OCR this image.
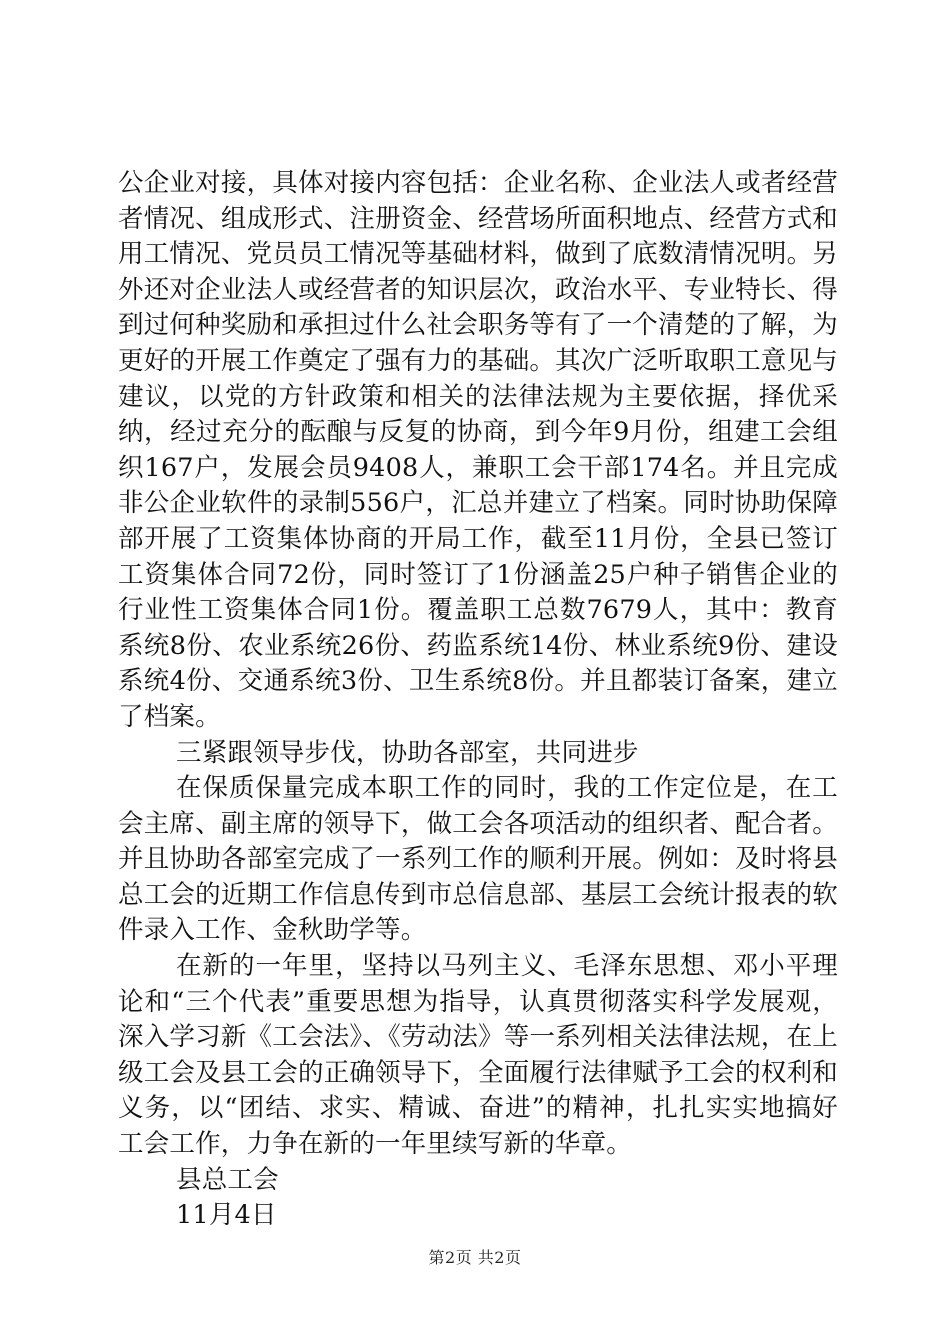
公企业对接，具体对接内容包括：企业名称、企业法人或者经营者情况、组成形式、注册资金、经营场所面积地点、经营方式和用工情况、党员员工情况等基础材料，做到了底数清情况明。另外还对企业法人或经营者的知识层次，政治水平、专业特长、得到过何种奖励和承担过什么社会职务等有了一个清楚的了解，为更好的开展工作奠定了强有力的基础。其次广泛听取职工意见与建议，以党的方针政策和相关的法律法规为主要依据，择优采纳，经过充分的酝酿与反复的协商，到今年9月份，组建工会组织167户，发展会员9408人，兼职工会干部174名。并且完成非公企业软件的录制556户，汇总并建立了档案。同时协助保障部开展了工资集体协商的开局工作，截至11月份，全县已签订工资集体合同72份，同时签订了1份涵盖25户种子销售企业的行业性工资集体合同1份。覆盖职工总数7679人，其中：教育系统8份、农业系统26份、药监系统14份、林业系统9份、建设系统4份、交通系统3份、卫生系统8份。并且都装订备案，建立了档案。

三紧跟领导步伐，协助各部室，共同进步

在保质保量完成本职工作的同时，我的工作定位是，在工会主席、副主席的领导下，做工会各项活动的组织者、配合者。并且协助各部室完成了一系列工作的顺利开展。例如：及时将县总工会的近期工作信息传到市总信息部、基层工会统计报表的软件录入工作、金秋助学等。

在新的一年里，坚持以马列主义、毛泽东思想、邓小平理论和“三个代表”重要思想为指导，认真贯彻落实科学发展观，深入学习新《工会法》、《劳动法》等一系列相关法律法规，在上级工会及县工会的正确领导下，全面履行法律赋予工会的权利和义务，以“团结、求实、精诚、奋进”的精神，扎扎实实地搞好工会工作，力争在新的一年里续写新的华章。

县总工会

11月4日

第2页 共2页
